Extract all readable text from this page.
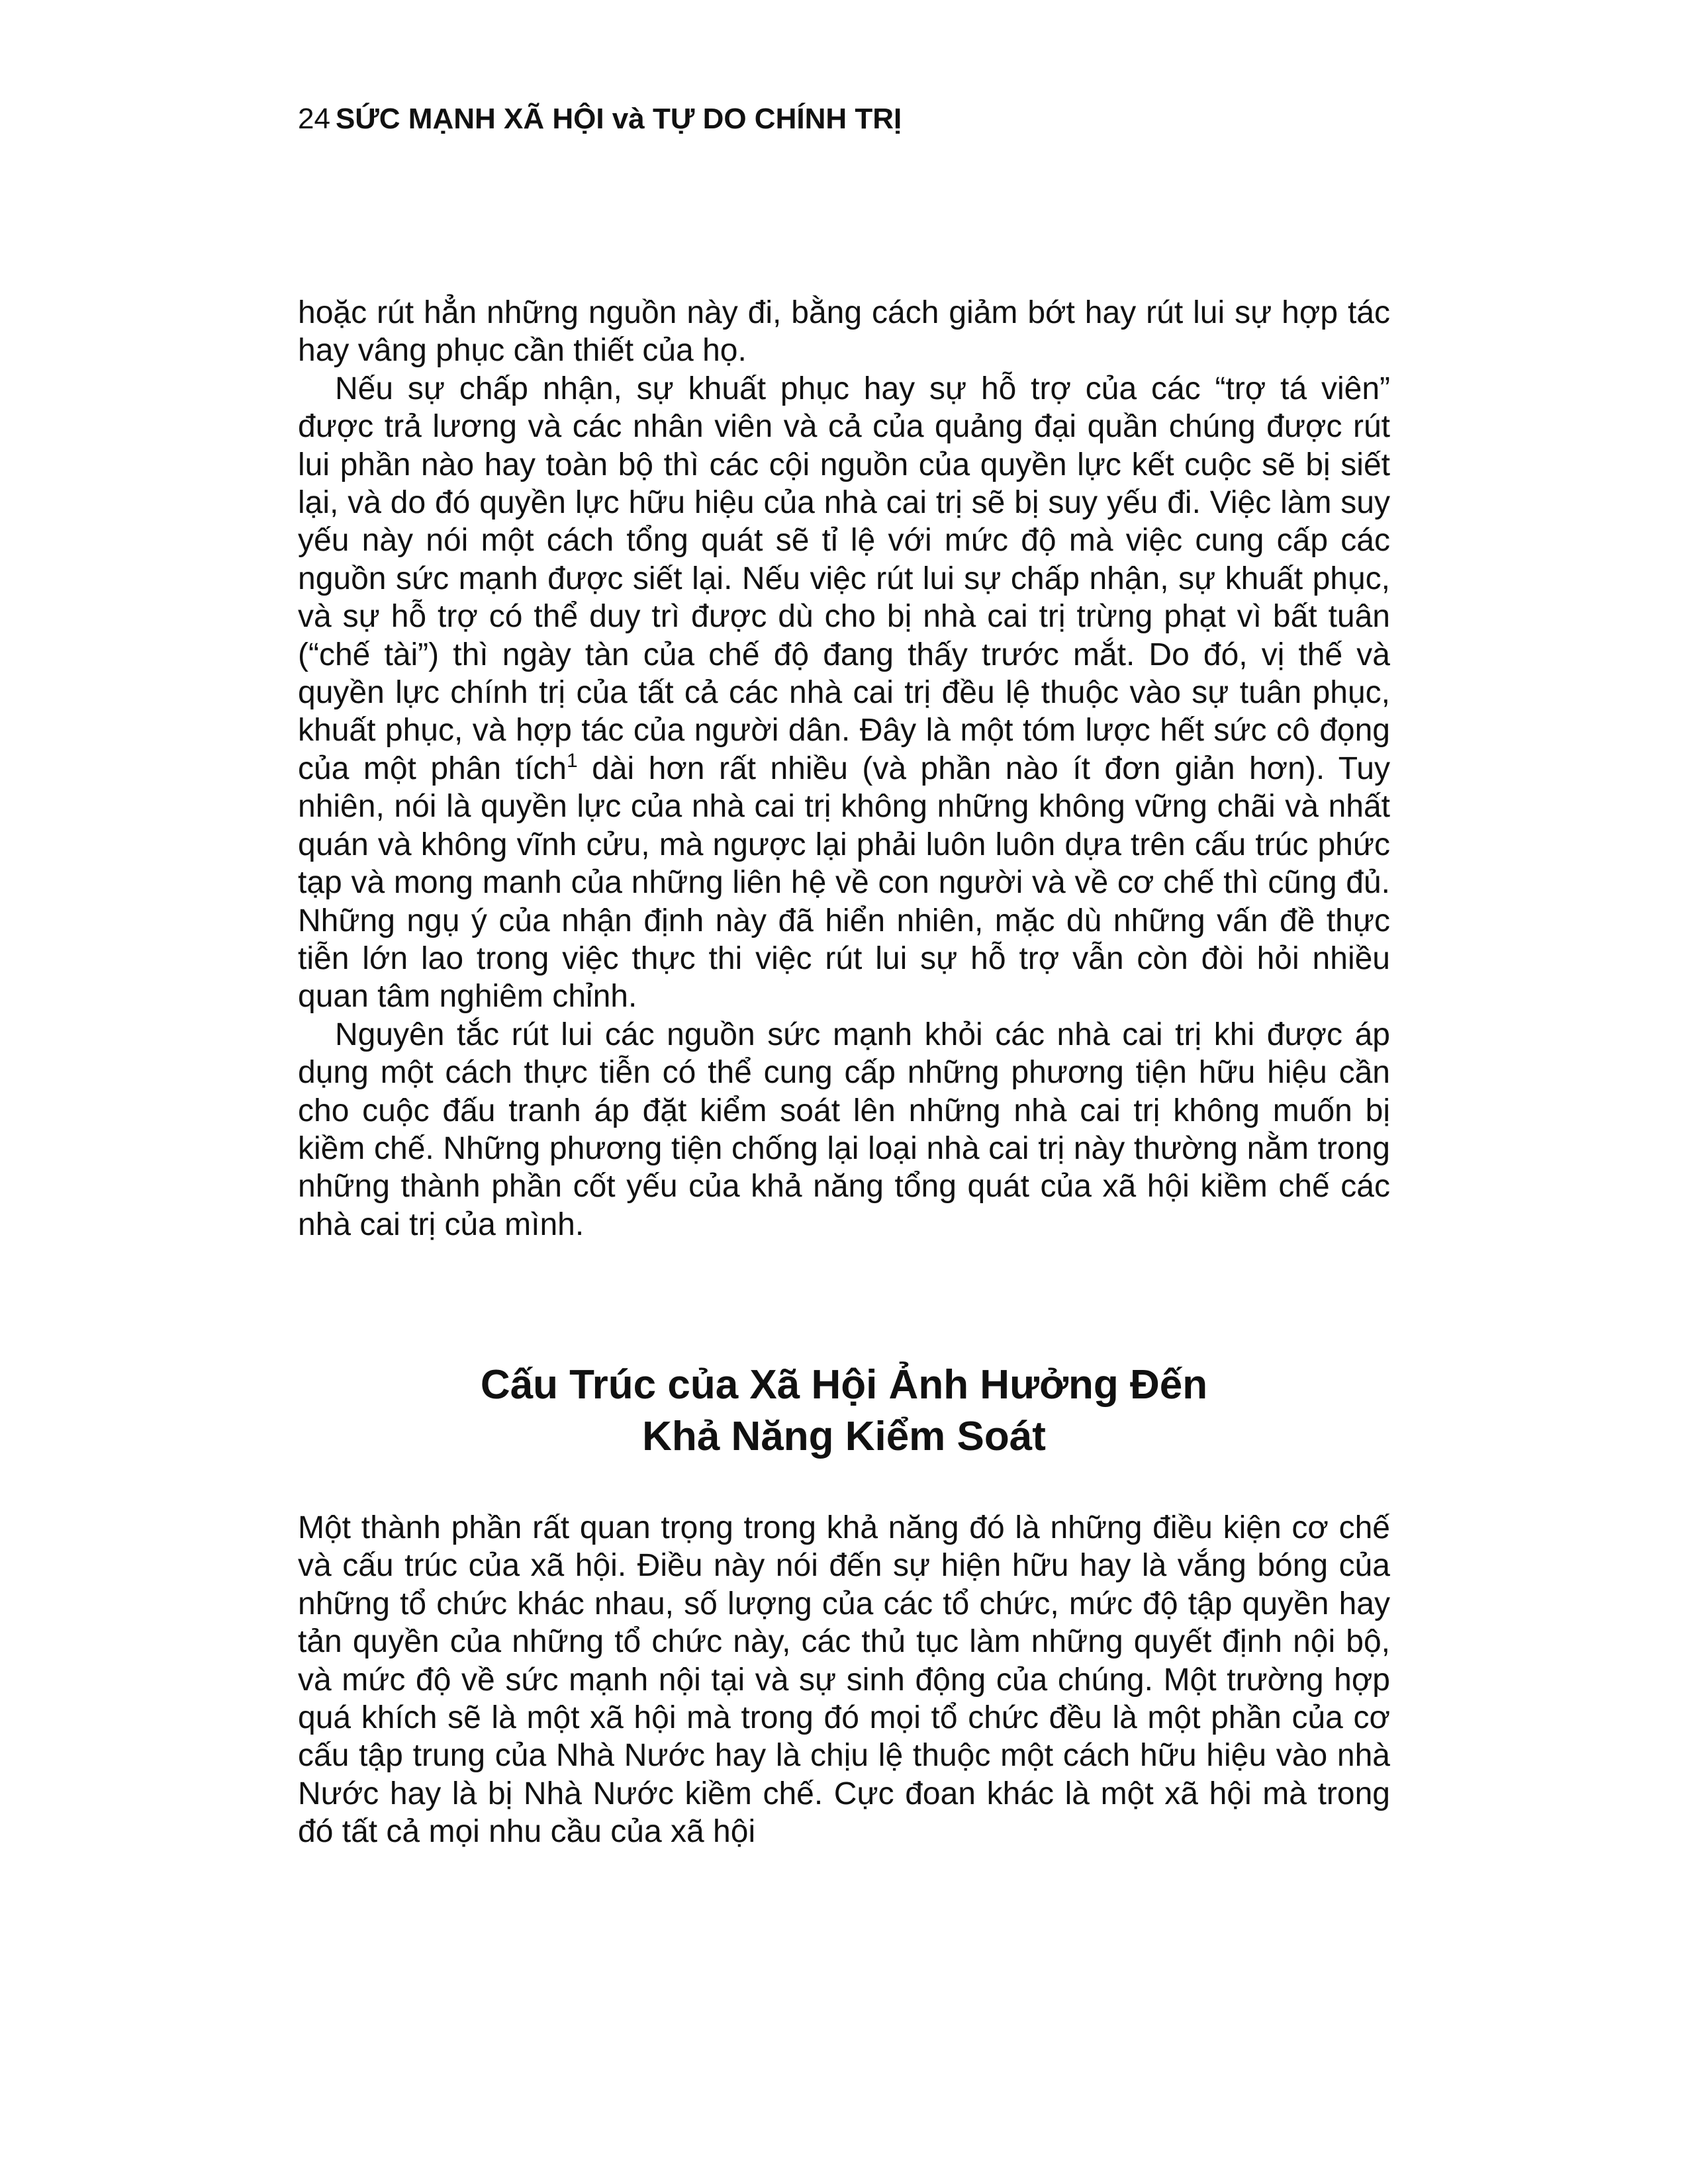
24 SỨC MẠNH XÃ HỘI và TỰ DO CHÍNH TRỊ

hoặc rút hẳn những nguồn này đi, bằng cách giảm bớt hay rút lui sự hợp tác hay vâng phục cần thiết của họ.

Nếu sự chấp nhận, sự khuất phục hay sự hỗ trợ của các “trợ tá viên” được trả lương và các nhân viên và cả của quảng đại quần chúng được rút lui phần nào hay toàn bộ thì các cội nguồn của quyền lực kết cuộc sẽ bị siết lại, và do đó quyền lực hữu hiệu của nhà cai trị sẽ bị suy yếu đi. Việc làm suy yếu này nói một cách tổng quát sẽ tỉ lệ với mức độ mà việc cung cấp các nguồn sức mạnh được siết lại. Nếu việc rút lui sự chấp nhận, sự khuất phục, và sự hỗ trợ có thể duy trì được dù cho bị nhà cai trị trừng phạt vì bất tuân (“chế tài”) thì ngày tàn của chế độ đang thấy trước mắt. Do đó, vị thế và quyền lực chính trị của tất cả các nhà cai trị đều lệ thuộc vào sự tuân phục, khuất phục, và hợp tác của người dân. Đây là một tóm lược hết sức cô đọng của một phân tích$^1$ dài hơn rất nhiều (và phần nào ít đơn giản hơn). Tuy nhiên, nói là quyền lực của nhà cai trị không những không vững chãi và nhất quán và không vĩnh cửu, mà ngược lại phải luôn luôn dựa trên cấu trúc phức tạp và mong manh của những liên hệ về con người và về cơ chế thì cũng đủ. Những ngụ ý của nhận định này đã hiển nhiên, mặc dù những vấn đề thực tiễn lớn lao trong việc thực thi việc rút lui sự hỗ trợ vẫn còn đòi hỏi nhiều quan tâm nghiêm chỉnh.

Nguyên tắc rút lui các nguồn sức mạnh khỏi các nhà cai trị khi được áp dụng một cách thực tiễn có thể cung cấp những phương tiện hữu hiệu cần cho cuộc đấu tranh áp đặt kiểm soát lên những nhà cai trị không muốn bị kiềm chế. Những phương tiện chống lại loại nhà cai trị này thường nằm trong những thành phần cốt yếu của khả năng tổng quát của xã hội kiềm chế các nhà cai trị của mình.

Cấu Trúc của Xã Hội Ảnh Hưởng Đến
Khả Năng Kiểm Soát

Một thành phần rất quan trọng trong khả năng đó là những điều kiện cơ chế và cấu trúc của xã hội. Điều này nói đến sự hiện hữu hay là vắng bóng của những tổ chức khác nhau, số lượng của các tổ chức, mức độ tập quyền hay tản quyền của những tổ chức này, các thủ tục làm những quyết định nội bộ, và mức độ về sức mạnh nội tại và sự sinh động của chúng. Một trường hợp quá khích sẽ là một xã hội mà trong đó mọi tổ chức đều là một phần của cơ cấu tập trung của Nhà Nước hay là chịu lệ thuộc một cách hữu hiệu vào nhà Nước hay là bị Nhà Nước kiềm chế. Cực đoan khác là một xã hội mà trong đó tất cả mọi nhu cầu của xã hội
